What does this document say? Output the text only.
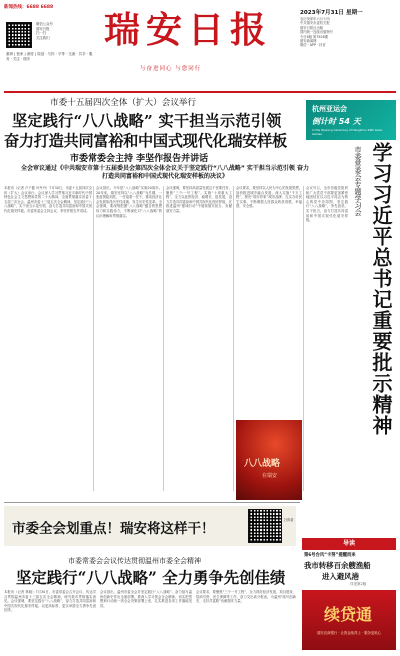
新闻热线：6688 6688
微信公众号
瑞安日报
扫一扫
关注我们
重磅 | 独家 | 深度 | 原创 · 与你 · 平等 · 交流 · 共享 · 服务 · 关注 · 瑞安
瑞安日报
与奋进同心 与您同行
2023年7月31日 星期一
农历癸卯年六月十四
中共瑞安市委机关报
瑞安日报社出版
国内统一连续出版物号
今日8版 第7928期
瑞安新闻网
微信 · APP · 抖音
市委十五届四次全体（扩大）会议举行
坚定践行“八八战略” 实干担当示范引领
奋力打造共同富裕和中国式现代化瑞安样板
市委常委会主持 李坚作报告并讲话
全会审议通过《中共瑞安市第十五届委员会第四次全体会议关于坚定践行“八八战略” 实干担当示范引领 奋力打造共同富裕和中国式现代化瑞安样板的决议》
本报讯（记者 卢子健 叶丹丹）7月30日，市委十五届四次全体（扩大）会议举行。会议深入学习贯彻习近平新时代中国特色社会主义思想和党的二十大精神，全面贯彻落实省委十五届三次全会、温州市委十三届五次全会精神，坚定践行“八八战略”，实干担当示范引领，奋力打造共同富裕和中国式现代化瑞安样板。市委常委会主持会议，李坚作报告并讲话。
会议指出，今年是“八八战略”实施20周年。20年来，瑞安坚持以“八八战略”为总纲，一张蓝图绘到底，一任接着一任干，推动经济社会发展取得历史性成就、发生历史性变革。全会强调，要深刻把握“八八战略”蕴含的思想伟力和实践伟力，不断深化对“八八战略”的认识理解和贯彻落实。
会议强调，要坚持高质量发展这个首要任务，聚焦“三个一号工程”，实施“十项重大工程”，全力以赴拼经济、稳增长、促发展，奋力打造共同富裕和中国式现代化瑞安样板，在推进温州“强城行动”中展现瑞安担当、贡献瑞安力量。
会议要求，要坚持以人民为中心的发展思想，加快推进城乡融合发展，深入实施“千万工程”，擦亮“瑞安印象”城市品牌，扎实办好民生实事，不断增强人民群众的获得感、幸福感、安全感。
会议号召，全市各级党组织和广大党员干部要更加紧密地团结在以习近平同志为核心的党中央周围，坚定践行“八八战略”，争先创优、实干担当，奋力打造共同富裕和中国式现代化瑞安样板。
杭州亚运会
倒计时 54 天
In the Opening Ceremony of Hangzhou 19th Asian Games
市委常委会专题学习会 学习习近平总书记重要批示精神
八八战略
在瑞安
市委全会划重点！瑞安将这样干！
扫码看
导读
第6号台风“卡努”提醒而来
我市转移百余艘渔船
进入避风港
详见第2版
续贷通
瑞安农商银行 · 让资金续得上 · 服务更贴心
市委常委会会议传达贯彻温州市委全会精神
坚定践行“八八战略” 全力勇争先创佳绩
本报讯（记者 林晓）7月30日，市委常委会召开会议，传达学习贯彻温州市委十三届五次全会精神，研究我市贯彻落实意见。会议强调，要坚定践行“八八战略”，奋力打造共同富裕和中国式现代化瑞安样板，以更高标准、更实举措全力勇争先创佳绩。
会议指出，温州市委全会对坚定践行“八八战略”、奋力续写温州创新史作出全面部署。要深入学习领会全会精神，切实把思想和行动统一到全会决策部署上来，扎实推进各项工作落地见效。
会议要求，要聚焦“三个一号工程”，全力抓好经济发展、项目建设、招商引资、民生保障等工作，奋力交出高分报表，为温州“续写创新史、走好共富路”贡献瑞安力量。
